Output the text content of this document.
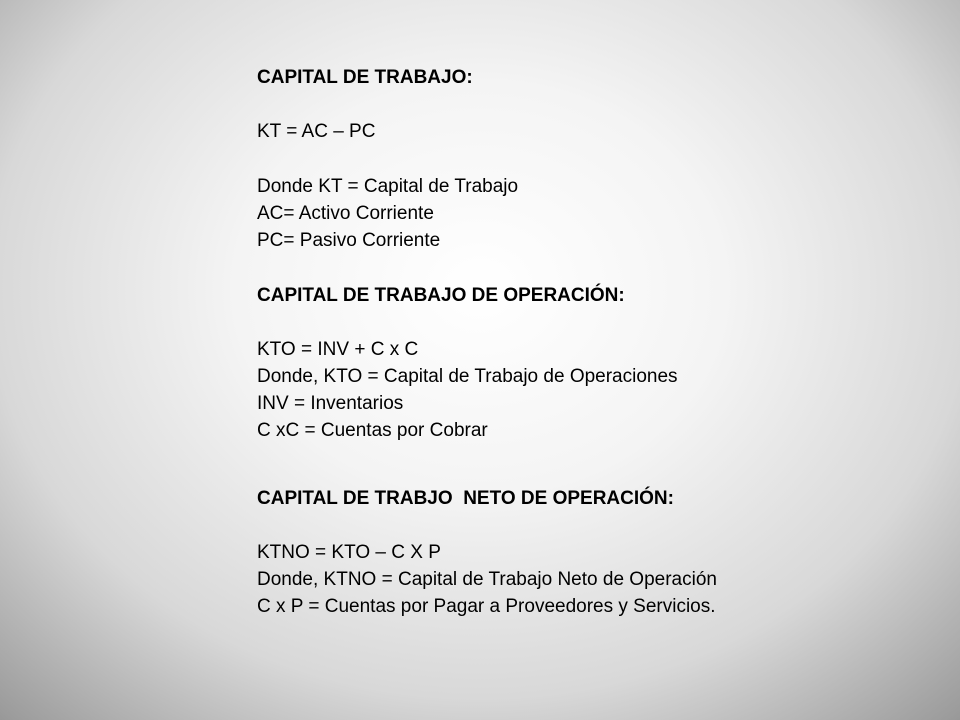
CAPITAL DE TRABAJO:
KT = AC – PC
Donde KT = Capital de Trabajo
AC= Activo Corriente
PC= Pasivo Corriente
CAPITAL DE TRABAJO DE OPERACIÓN:
KTO = INV + C x C
Donde, KTO = Capital de Trabajo de Operaciones
INV = Inventarios
C xC = Cuentas por Cobrar
CAPITAL DE TRABJO  NETO DE OPERACIÓN:
KTNO = KTO – C X P
Donde, KTNO = Capital de Trabajo Neto de Operación
C x P = Cuentas por Pagar a Proveedores y Servicios.
